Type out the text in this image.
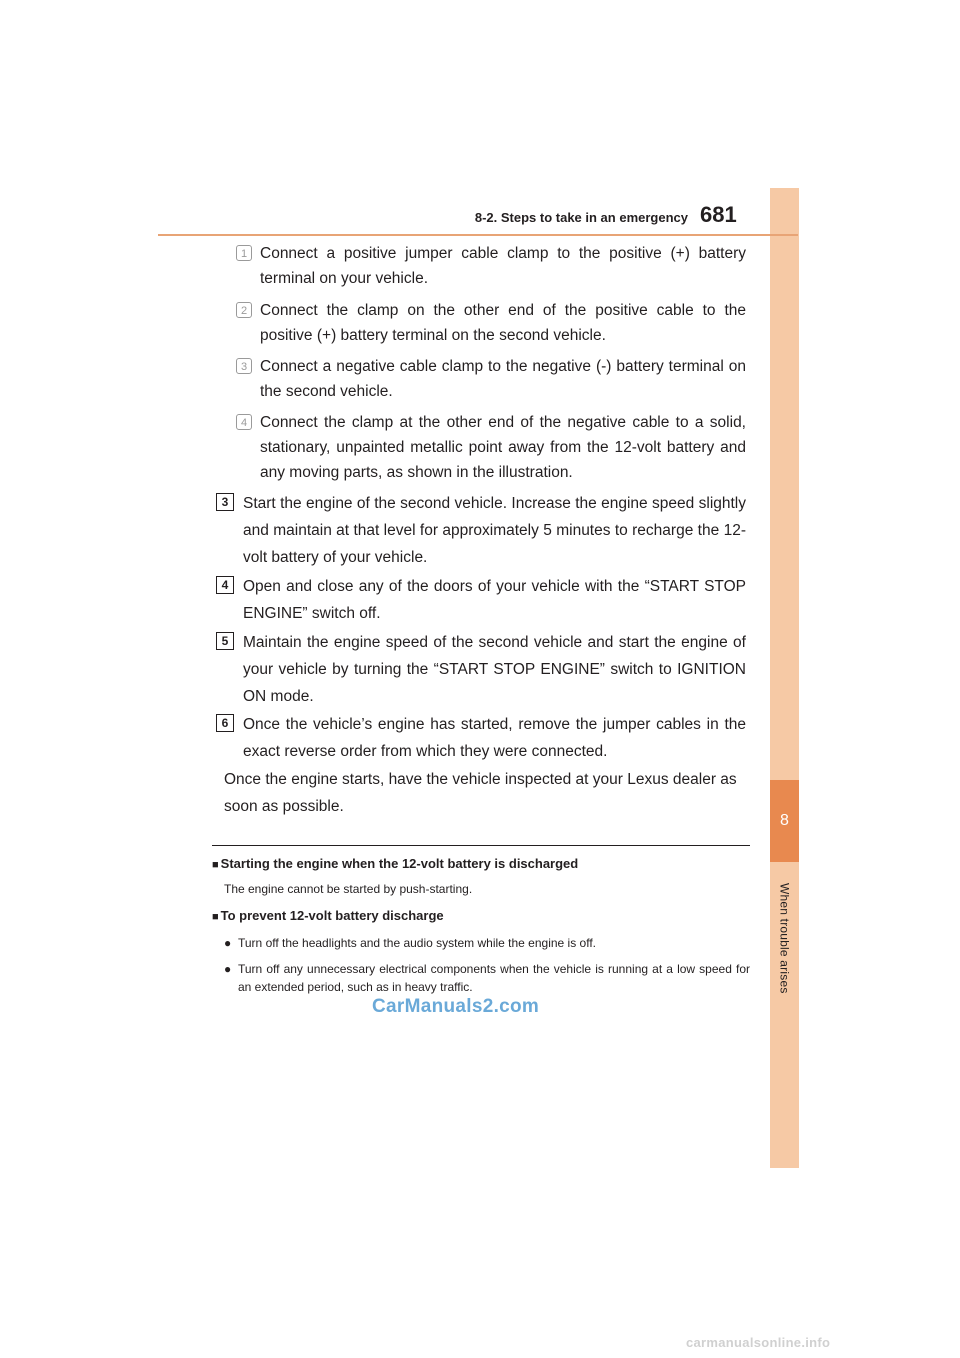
8
When trouble arises
8-2. Steps to take in an emergency 681
1 Connect a positive jumper cable clamp to the positive (+) battery terminal on your vehicle.
2 Connect the clamp on the other end of the positive cable to the positive (+) battery terminal on the second vehicle.
3 Connect a negative cable clamp to the negative (-) battery terminal on the second vehicle.
4 Connect the clamp at the other end of the negative cable to a solid, stationary, unpainted metallic point away from the 12-volt battery and any moving parts, as shown in the illustration.
3 Start the engine of the second vehicle. Increase the engine speed slightly and maintain at that level for approximately 5 minutes to recharge the 12-volt battery of your vehicle.
4 Open and close any of the doors of your vehicle with the “START STOP ENGINE” switch off.
5 Maintain the engine speed of the second vehicle and start the engine of your vehicle by turning the “START STOP ENGINE” switch to IGNITION ON mode.
6 Once the vehicle’s engine has started, remove the jumper cables in the exact reverse order from which they were connected.
Once the engine starts, have the vehicle inspected at your Lexus dealer as soon as possible.
■ Starting the engine when the 12-volt battery is discharged
The engine cannot be started by push-starting.
■ To prevent 12-volt battery discharge
● Turn off the headlights and the audio system while the engine is off.
● Turn off any unnecessary electrical components when the vehicle is running at a low speed for an extended period, such as in heavy traffic.
CarManuals2.com
carmanualsonline.info
